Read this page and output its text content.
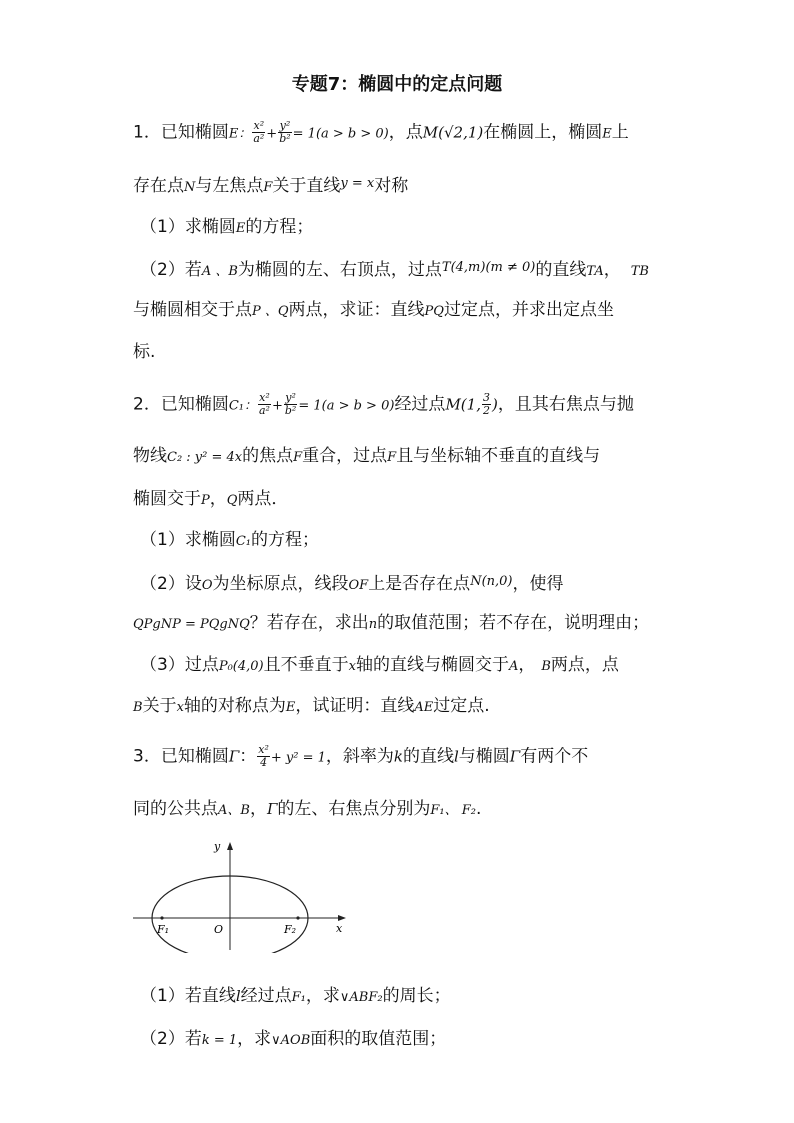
专题7：椭圆中的定点问题
1．已知椭圆E： $\frac{\text{x²}}{\text{a²}} + \frac{\text{y²}}{\text{b²}} = 1(a > b > 0)$，点M(√2,1)在椭圆上，椭圆E上
存在点N与左焦点F关于直线$^{y = x}$对称
（1）求椭圆E的方程；
（2）若A 、B为椭圆的左、右顶点，过点$^{T(4,m)(m \ne 0)}$的直线TA， TB
与椭圆相交于点P 、Q两点，求证：直线PQ过定点，并求出定点坐
标.
2．已知椭圆C₁： $\frac{\text{x²}}{\text{a²}} + \frac{\text{y²}}{\text{b²}} = 1(a > b > 0)$经过点M(1, $\frac{3}{2}$ )，且其右焦点与抛
物线C₂ : y² = 4x的焦点F重合，过点F且与坐标轴不垂直的直线与
椭圆交于P，Q两点．
（1）求椭圆C₁的方程；
（2）设O为坐标原点，线段OF上是否存在点$^{N(n,0)}$，使得
QPgNP = PQgNQ？若存在，求出n的取值范围；若不存在，说明理由；
（3）过点P₀(4,0)且不垂直于x轴的直线与椭圆交于A， B两点，点
B关于x轴的对称点为E，试证明：直线AE过定点.
3．已知椭圆Γ： $\frac{\text{x²}}{4} + y^2 = 1$，斜率为k的直线l与椭圆Γ有两个不
同的公共点A、B，Γ的左、右焦点分别为F₁、 F₂.
y
x
O
F₁	F₂
（1）若直线l经过点F₁，求∨ABF₂的周长；
（2）若k = 1，求∨AOB面积的取值范围；
